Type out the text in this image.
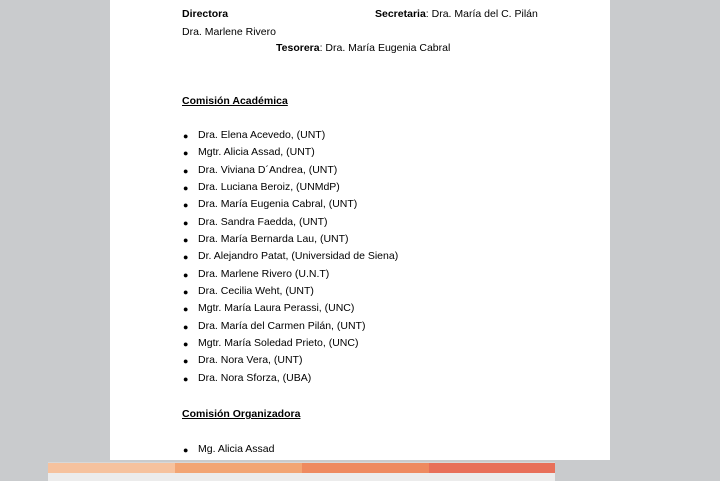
Directora	Secretaria: Dra. María del C. Pilán
Dra. Marlene Rivero
Tesorera: Dra. María Eugenia Cabral
Comisión Académica
● Dra. Elena Acevedo, (UNT)
● Mgtr. Alicia Assad, (UNT)
● Dra. Viviana D´Andrea, (UNT)
● Dra. Luciana Beroiz, (UNMdP)
● Dra. María Eugenia Cabral, (UNT)
● Dra. Sandra Faedda, (UNT)
● Dra. María Bernarda Lau, (UNT)
● Dr. Alejandro Patat, (Universidad de Siena)
● Dra. Marlene Rivero (U.N.T)
● Dra. Cecilia Weht, (UNT)
● Mgtr. María Laura Perassi, (UNC)
● Dra. María del Carmen Pilán, (UNT)
● Mgtr. María Soledad Prieto, (UNC)
● Dra. Nora Vera, (UNT)
● Dra. Nora Sforza, (UBA)
Comisión Organizadora
● Mg. Alicia Assad
